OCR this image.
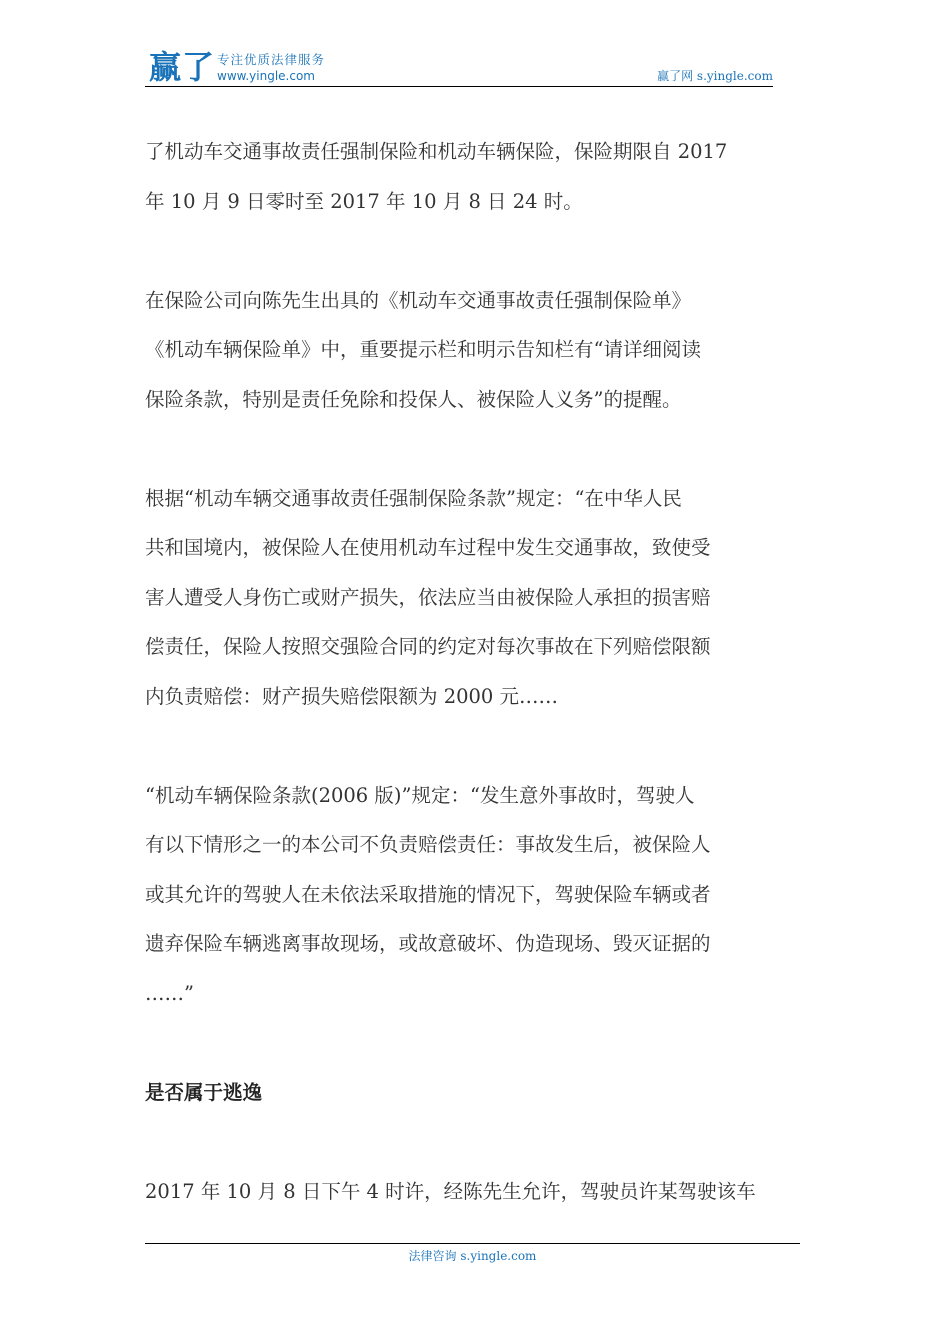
赢了 专注优质法律服务
www.yingle.com	赢了网 s.yingle.com

了机动车交通事故责任强制保险和机动车辆保险，保险期限自 2017
年 10 月 9 日零时至 2017 年 10 月 8 日 24 时。

在保险公司向陈先生出具的《机动车交通事故责任强制保险单》
《机动车辆保险单》中，重要提示栏和明示告知栏有“请详细阅读
保险条款，特别是责任免除和投保人、被保险人义务”的提醒。

根据“机动车辆交通事故责任强制保险条款”规定：“在中华人民
共和国境内，被保险人在使用机动车过程中发生交通事故，致使受
害人遭受人身伤亡或财产损失，依法应当由被保险人承担的损害赔
偿责任，保险人按照交强险合同的约定对每次事故在下列赔偿限额
内负责赔偿：财产损失赔偿限额为 2000 元……

“机动车辆保险条款(2006 版)”规定：“发生意外事故时，驾驶人
有以下情形之一的本公司不负责赔偿责任：事故发生后，被保险人
或其允许的驾驶人在未依法采取措施的情况下，驾驶保险车辆或者
遗弃保险车辆逃离事故现场，或故意破坏、伪造现场、毁灭证据的
……”

是否属于逃逸

2017 年 10 月 8 日下午 4 时许，经陈先生允许，驾驶员许某驾驶该车

法律咨询 s.yingle.com
